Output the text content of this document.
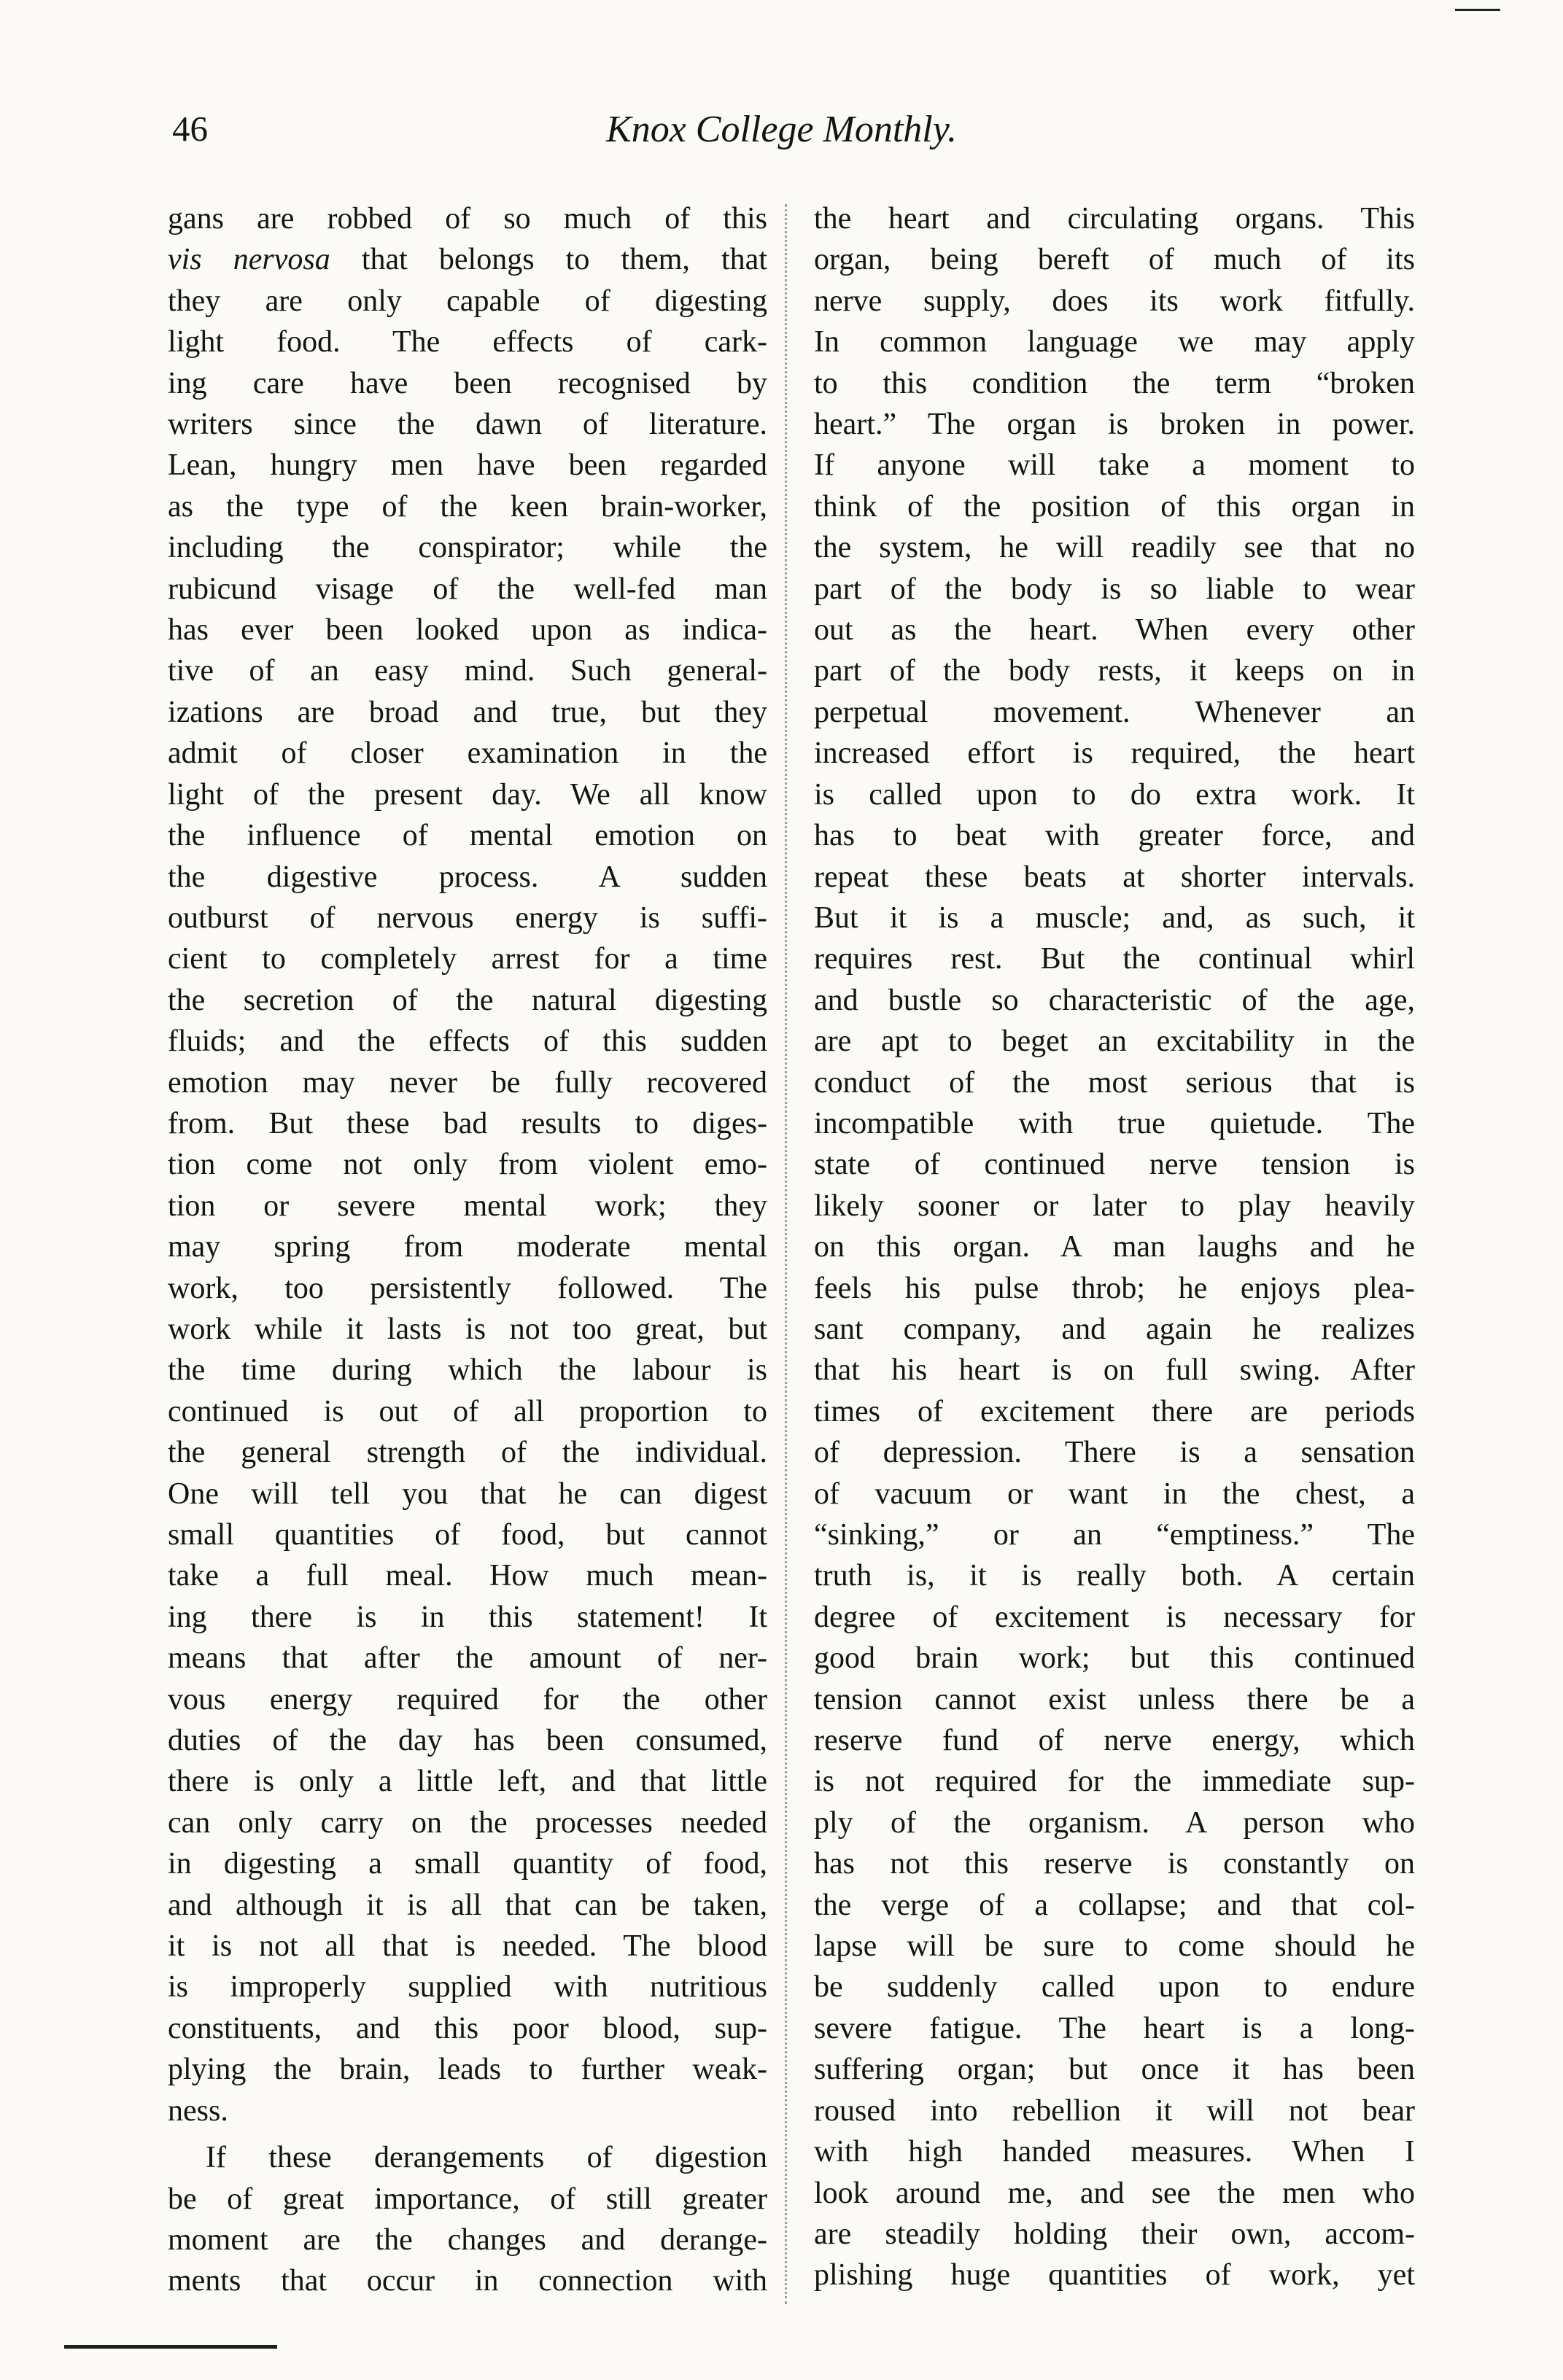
46	Knox College Monthly.
gans are robbed of so much of this
vis nervosa that belongs to them, that
they are only capable of digesting
light food. The effects of cark-
ing care have been recognised by
writers since the dawn of literature.
Lean, hungry men have been regarded
as the type of the keen brain-worker,
including the conspirator; while the
rubicund visage of the well-fed man
has ever been looked upon as indica-
tive of an easy mind. Such general-
izations are broad and true, but they
admit of closer examination in the
light of the present day. We all know
the influence of mental emotion on
the digestive process. A sudden
outburst of nervous energy is suffi-
cient to completely arrest for a time
the secretion of the natural digesting
fluids; and the effects of this sudden
emotion may never be fully recovered
from. But these bad results to diges-
tion come not only from violent emo-
tion or severe mental work; they
may spring from moderate mental
work, too persistently followed. The
work while it lasts is not too great, but
the time during which the labour is
continued is out of all proportion to
the general strength of the individual.
One will tell you that he can digest
small quantities of food, but cannot
take a full meal. How much mean-
ing there is in this statement! It
means that after the amount of ner-
vous energy required for the other
duties of the day has been consumed,
there is only a little left, and that little
can only carry on the processes needed
in digesting a small quantity of food,
and although it is all that can be taken,
it is not all that is needed. The blood
is improperly supplied with nutritious
constituents, and this poor blood, sup-
plying the brain, leads to further weak-
ness.
If these derangements of digestion
be of great importance, of still greater
moment are the changes and derange-
ments that occur in connection with
the heart and circulating organs. This
organ, being bereft of much of its
nerve supply, does its work fitfully.
In common language we may apply
to this condition the term “broken
heart.” The organ is broken in power.
If anyone will take a moment to
think of the position of this organ in
the system, he will readily see that no
part of the body is so liable to wear
out as the heart. When every other
part of the body rests, it keeps on in
perpetual movement. Whenever an
increased effort is required, the heart
is called upon to do extra work. It
has to beat with greater force, and
repeat these beats at shorter intervals.
But it is a muscle; and, as such, it
requires rest. But the continual whirl
and bustle so characteristic of the age,
are apt to beget an excitability in the
conduct of the most serious that is
incompatible with true quietude. The
state of continued nerve tension is
likely sooner or later to play heavily
on this organ. A man laughs and he
feels his pulse throb; he enjoys plea-
sant company, and again he realizes
that his heart is on full swing. After
times of excitement there are periods
of depression. There is a sensation
of vacuum or want in the chest, a
“sinking,” or an “emptiness.” The
truth is, it is really both. A certain
degree of excitement is necessary for
good brain work; but this continued
tension cannot exist unless there be a
reserve fund of nerve energy, which
is not required for the immediate sup-
ply of the organism. A person who
has not this reserve is constantly on
the verge of a collapse; and that col-
lapse will be sure to come should he
be suddenly called upon to endure
severe fatigue. The heart is a long-
suffering organ; but once it has been
roused into rebellion it will not bear
with high handed measures. When I
look around me, and see the men who
are steadily holding their own, accom-
plishing huge quantities of work, yet
